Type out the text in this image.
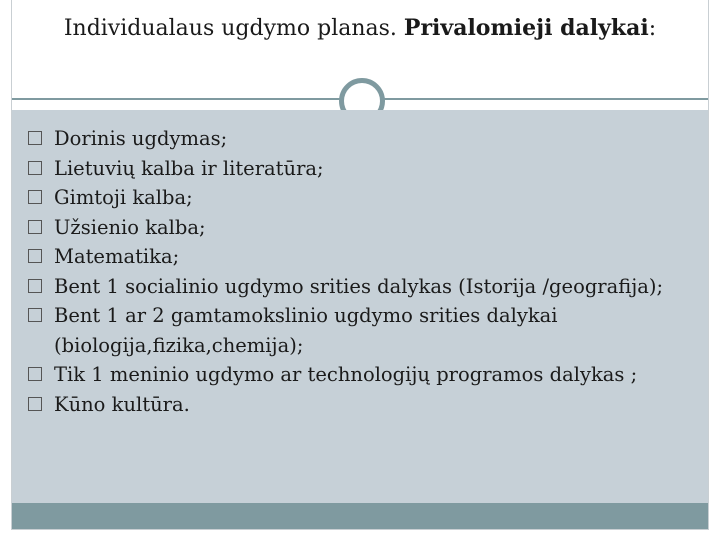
Individualaus ugdymo planas. Privalomieji dalykai:
Dorinis ugdymas;
Lietuvių kalba ir literatūra;
Gimtoji kalba;
Užsienio kalba;
Matematika;
Bent 1 socialinio ugdymo srities dalykas (Istorija /geografija);
Bent 1 ar 2 gamtamokslinio ugdymo srities dalykai (biologija,fizika,chemija);
Tik 1 meninio ugdymo ar technologijų programos dalykas ;
Kūno kultūra.
